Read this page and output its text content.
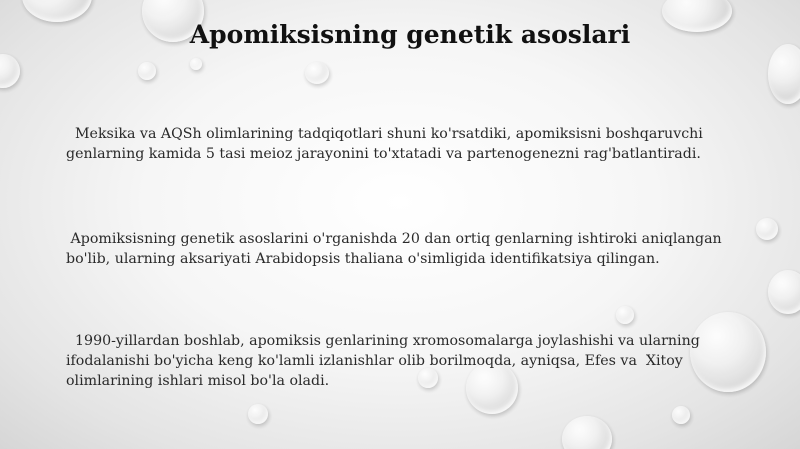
Apomiksisning genetik asoslari

Meksika va AQSh olimlarining tadqiqotlari shuni ko'rsatdiki, apomiksisni boshqaruvchi genlarning kamida 5 tasi meioz jarayonini to'xtatadi va partenogenezni rag'batlantiradi.

Apomiksisning genetik asoslarini o'rganishda 20 dan ortiq genlarning ishtiroki aniqlangan bo'lib, ularning aksariyati Arabidopsis thaliana o'simligida identifikatsiya qilingan.

1990-yillardan boshlab, apomiksis genlarining xromosomalarga joylashishi va ularning ifodalanishi bo'yicha keng ko'lamli izlanishlar olib borilmoqda, ayniqsa, Efes va  Xitoy olimlarining ishlari misol bo'la oladi.
